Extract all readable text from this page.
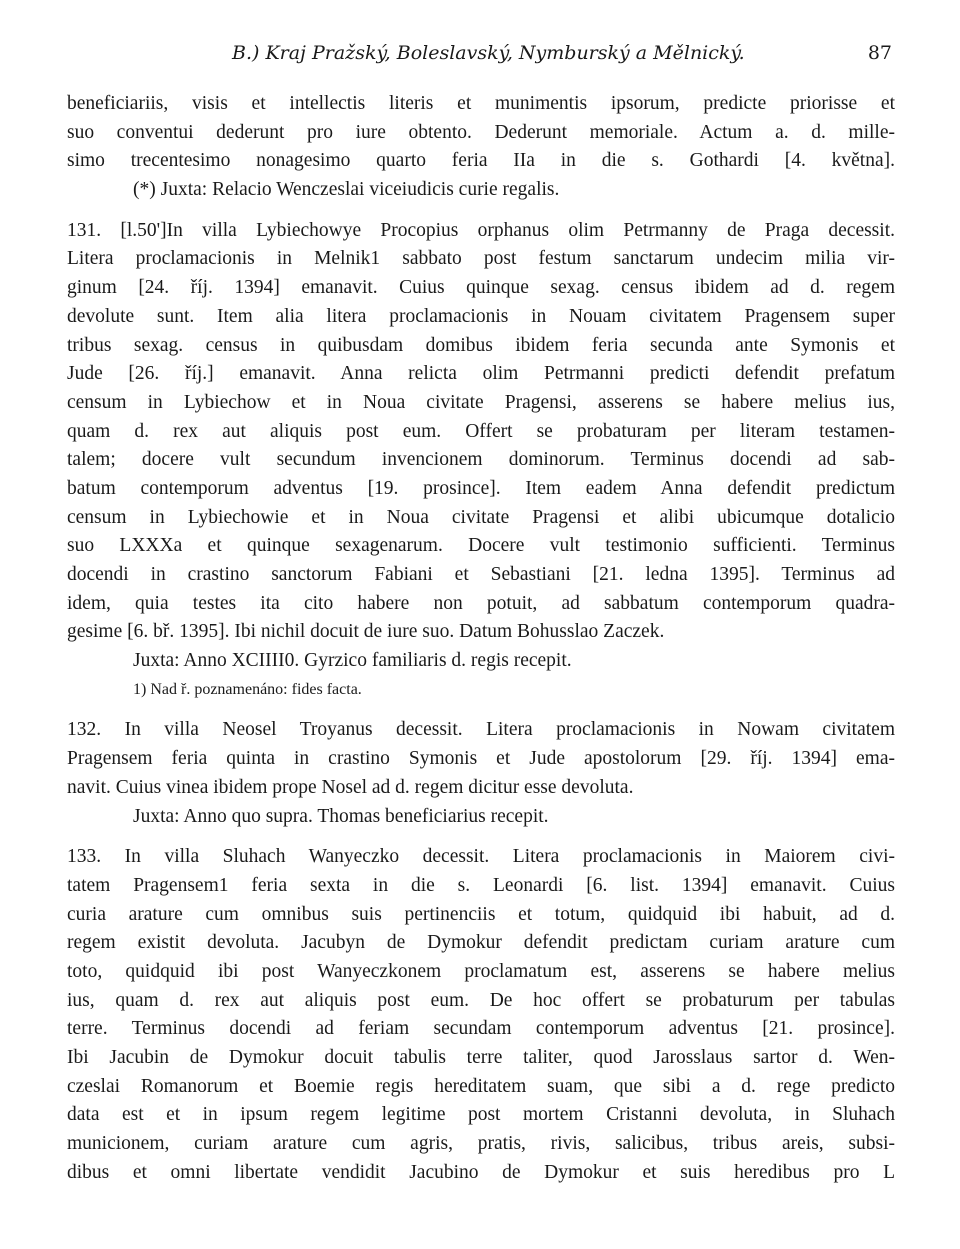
B.) Kraj Pražský, Boleslavský, Nymburský a Mělnický.	87
beneficiariis, visis et intellectis literis et munimentis ipsorum, predicte priorisse et
suo conventui dederunt pro iure obtento. Dederunt memoriale. Actum a. d. mille-
simo trecentesimo nonagesimo quarto feria IIa in die s. Gothardi [4. května].
(*) Juxta: Relacio Wenczeslai viceiudicis curie regalis.
131. [l.50']In villa Lybiechowye Procopius orphanus olim Petrmanny de Praga decessit.
Litera proclamacionis in Melnik1 sabbato post festum sanctarum undecim milia vir-
ginum [24. říj. 1394] emanavit. Cuius quinque sexag. census ibidem ad d. regem
devolute sunt. Item alia litera proclamacionis in Nouam civitatem Pragensem super
tribus sexag. census in quibusdam domibus ibidem feria secunda ante Symonis et
Jude [26. říj.] emanavit. Anna relicta olim Petrmanni predicti defendit prefatum
censum in Lybiechow et in Noua civitate Pragensi, asserens se habere melius ius,
quam d. rex aut aliquis post eum. Offert se probaturam per literam testamen-
talem; docere vult secundum invencionem dominorum. Terminus docendi ad sab-
batum contemporum adventus [19. prosince]. Item eadem Anna defendit predictum
censum in Lybiechowie et in Noua civitate Pragensi et alibi ubicumque dotalicio
suo LXXXa et quinque sexagenarum. Docere vult testimonio sufficienti. Terminus
docendi in crastino sanctorum Fabiani et Sebastiani [21. ledna 1395]. Terminus ad
idem, quia testes ita cito habere non potuit, ad sabbatum contemporum quadra-
gesime [6. bř. 1395]. Ibi nichil docuit de iure suo. Datum Bohusslao Zaczek.
Juxta: Anno XCIIII0. Gyrzico familiaris d. regis recepit.
1) Nad ř. poznamenáno: fides facta.
132. In villa Neosel Troyanus decessit. Litera proclamacionis in Nowam civitatem
Pragensem feria quinta in crastino Symonis et Jude apostolorum [29. říj. 1394] ema-
navit. Cuius vinea ibidem prope Nosel ad d. regem dicitur esse devoluta.
Juxta: Anno quo supra. Thomas beneficiarius recepit.
133. In villa Sluhach Wanyeczko decessit. Litera proclamacionis in Maiorem civi-
tatem Pragensem1 feria sexta in die s. Leonardi [6. list. 1394] emanavit. Cuius
curia arature cum omnibus suis pertinenciis et totum, quidquid ibi habuit, ad d.
regem existit devoluta. Jacubyn de Dymokur defendit predictam curiam arature cum
toto, quidquid ibi post Wanyeczkonem proclamatum est, asserens se habere melius
ius, quam d. rex aut aliquis post eum. De hoc offert se probaturum per tabulas
terre. Terminus docendi ad feriam secundam contemporum adventus [21. prosince].
Ibi Jacubin de Dymokur docuit tabulis terre taliter, quod Jarosslaus sartor d. Wen-
czeslai Romanorum et Boemie regis hereditatem suam, que sibi a d. rege predicto
data est et in ipsum regem legitime post mortem Cristanni devoluta, in Sluhach
municionem, curiam arature cum agris, pratis, rivis, salicibus, tribus areis, subsi-
dibus et omni libertate vendidit Jacubino de Dymokur et suis heredibus pro L
